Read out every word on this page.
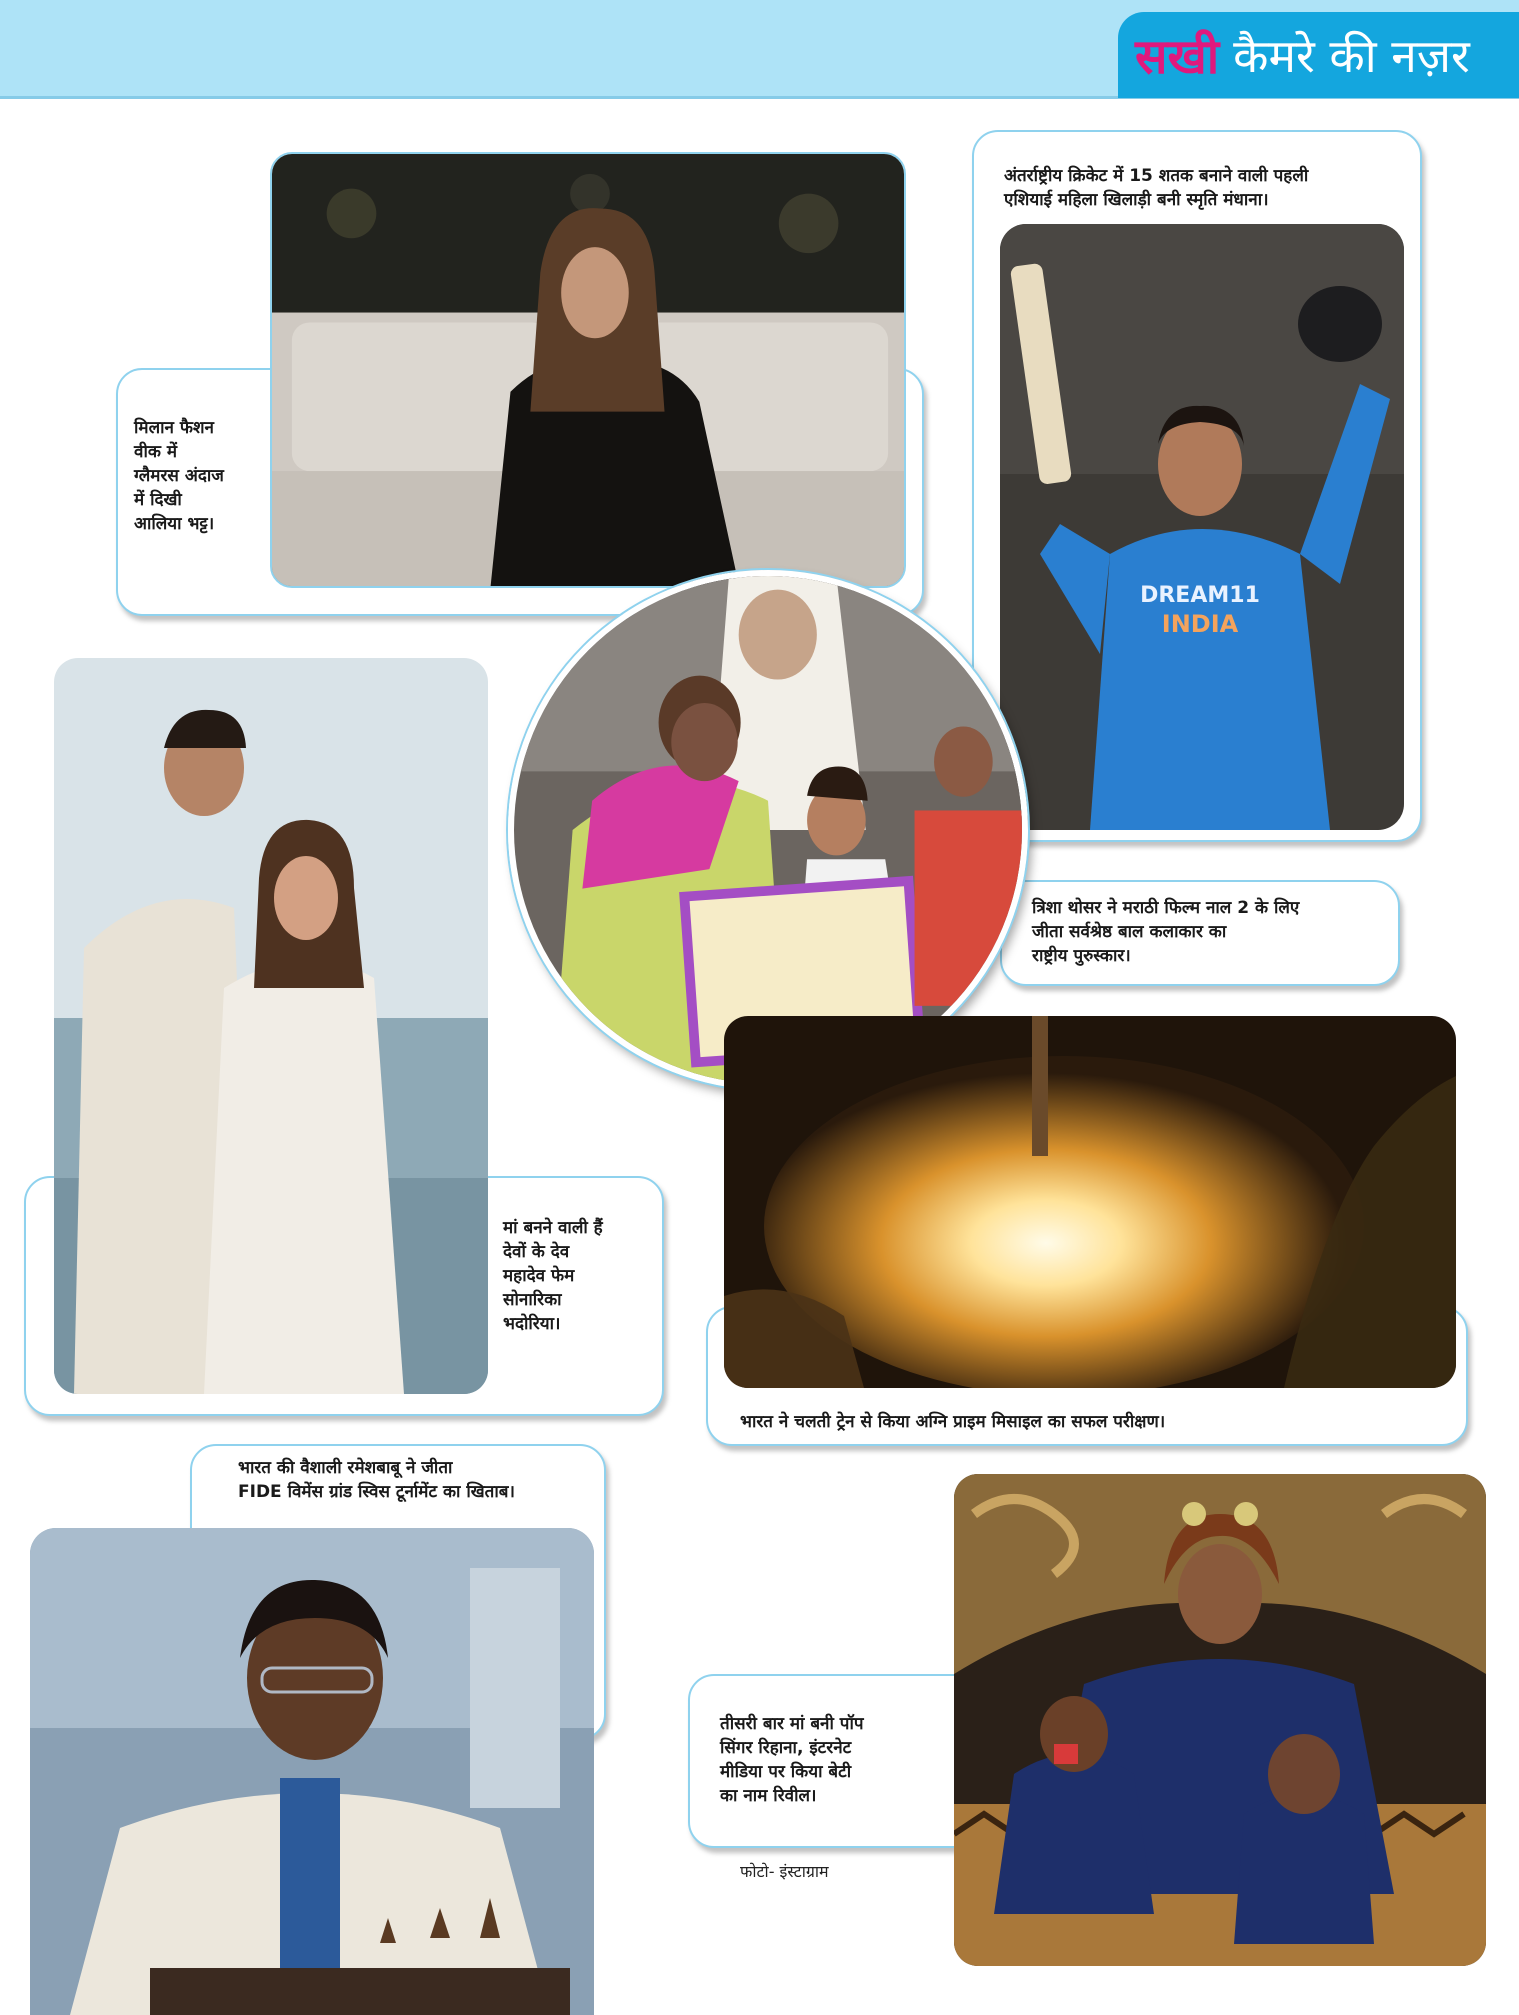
सखी कैमरे की नज़र
मिलान फैशन
वीक में
ग्लैमरस अंदाज
में दिखी
आलिया भट्ट।
अंतर्राष्ट्रीय क्रिकेट में 15 शतक बनाने वाली पहली
एशियाई महिला खिलाड़ी बनी स्मृति मंधाना।
DREAM11
INDIA
त्रिशा थोसर ने मराठी फिल्म नाल 2 के लिए
जीता सर्वश्रेष्ठ बाल कलाकार का
राष्ट्रीय पुरुस्कार।
मां बनने वाली हैं
देवों के देव
महादेव फेम
सोनारिका
भदोरिया।
भारत ने चलती ट्रेन से किया अग्नि प्राइम मिसाइल का सफल परीक्षण।
भारत की वैशाली रमेशबाबू ने जीता
FIDE विमेंस ग्रांड स्विस टूर्नामेंट का खिताब।
तीसरी बार मां बनी पॉप
सिंगर रिहाना, इंटरनेट
मीडिया पर किया बेटी
का नाम रिवील।
फोटो- इंस्टाग्राम
